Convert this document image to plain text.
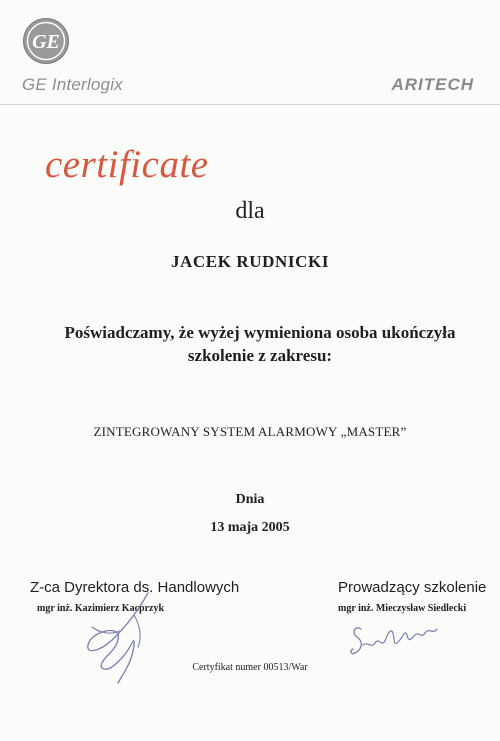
GE
GE Interlogix	ARITECH
certificate
dla
JACEK RUDNICKI
Poświadczamy, że wyżej wymieniona osoba ukończyła
szkolenie z zakresu:
ZINTEGROWANY SYSTEM ALARMOWY „MASTER”
Dnia
13 maja 2005
Z-ca Dyrektora ds. Handlowych
mgr inż. Kazimierz Kacprzyk
Prowadzący szkolenie
mgr inż. Mieczysław Siedlecki
Certyfikat numer 00513/War
